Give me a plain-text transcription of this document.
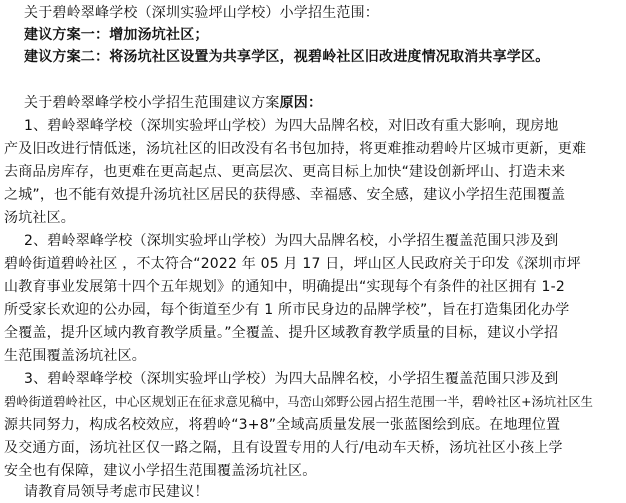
关于碧岭翠峰学校（深圳实验坪山学校）小学招生范围：
建议方案一：增加汤坑社区；
建议方案二：将汤坑社区设置为共享学区，视碧岭社区旧改进度情况取消共享学区。
关于碧岭翠峰学校小学招生范围建议方案原因：
1、碧岭翠峰学校（深圳实验坪山学校）为四大品牌名校，对旧改有重大影响，现房地
产及旧改进行情低迷，汤坑社区的旧改没有名书包加持，将更难推动碧岭片区城市更新，更难
去商品房库存，也更难在更高起点、更高层次、更高目标上加快“建设创新坪山、打造未来
之城”，也不能有效提升汤坑社区居民的获得感、幸福感、安全感，建议小学招生范围覆盖
汤坑社区。
2、碧岭翠峰学校（深圳实验坪山学校）为四大品牌名校，小学招生覆盖范围只涉及到
碧岭街道碧岭社区 ，不太符合“2022 年 05 月 17 日，坪山区人民政府关于印发《深圳市坪
山教育事业发展第十四个五年规划》的通知中，明确提出“实现每个有条件的社区拥有 1-2
所受家长欢迎的公办园，每个街道至少有 1 所市民身边的品牌学校”，旨在打造集团化办学
全覆盖，提升区域内教育教学质量。”全覆盖、提升区域教育教学质量的目标，建议小学招
生范围覆盖汤坑社区。
3、碧岭翠峰学校（深圳实验坪山学校）为四大品牌名校，小学招生覆盖范围只涉及到
碧岭街道碧岭社区，中心区规划正在征求意见稿中，马峦山郊野公园占招生范围一半，碧岭社区+汤坑社区生
源共同努力，构成名校效应，将碧岭“3+8”全域高质量发展一张蓝图绘到底。在地理位置
及交通方面，汤坑社区仅一路之隔，且有设置专用的人行/电动车天桥，汤坑社区小孩上学
安全也有保障，建议小学招生范围覆盖汤坑社区。
请教育局领导考虑市民建议！
